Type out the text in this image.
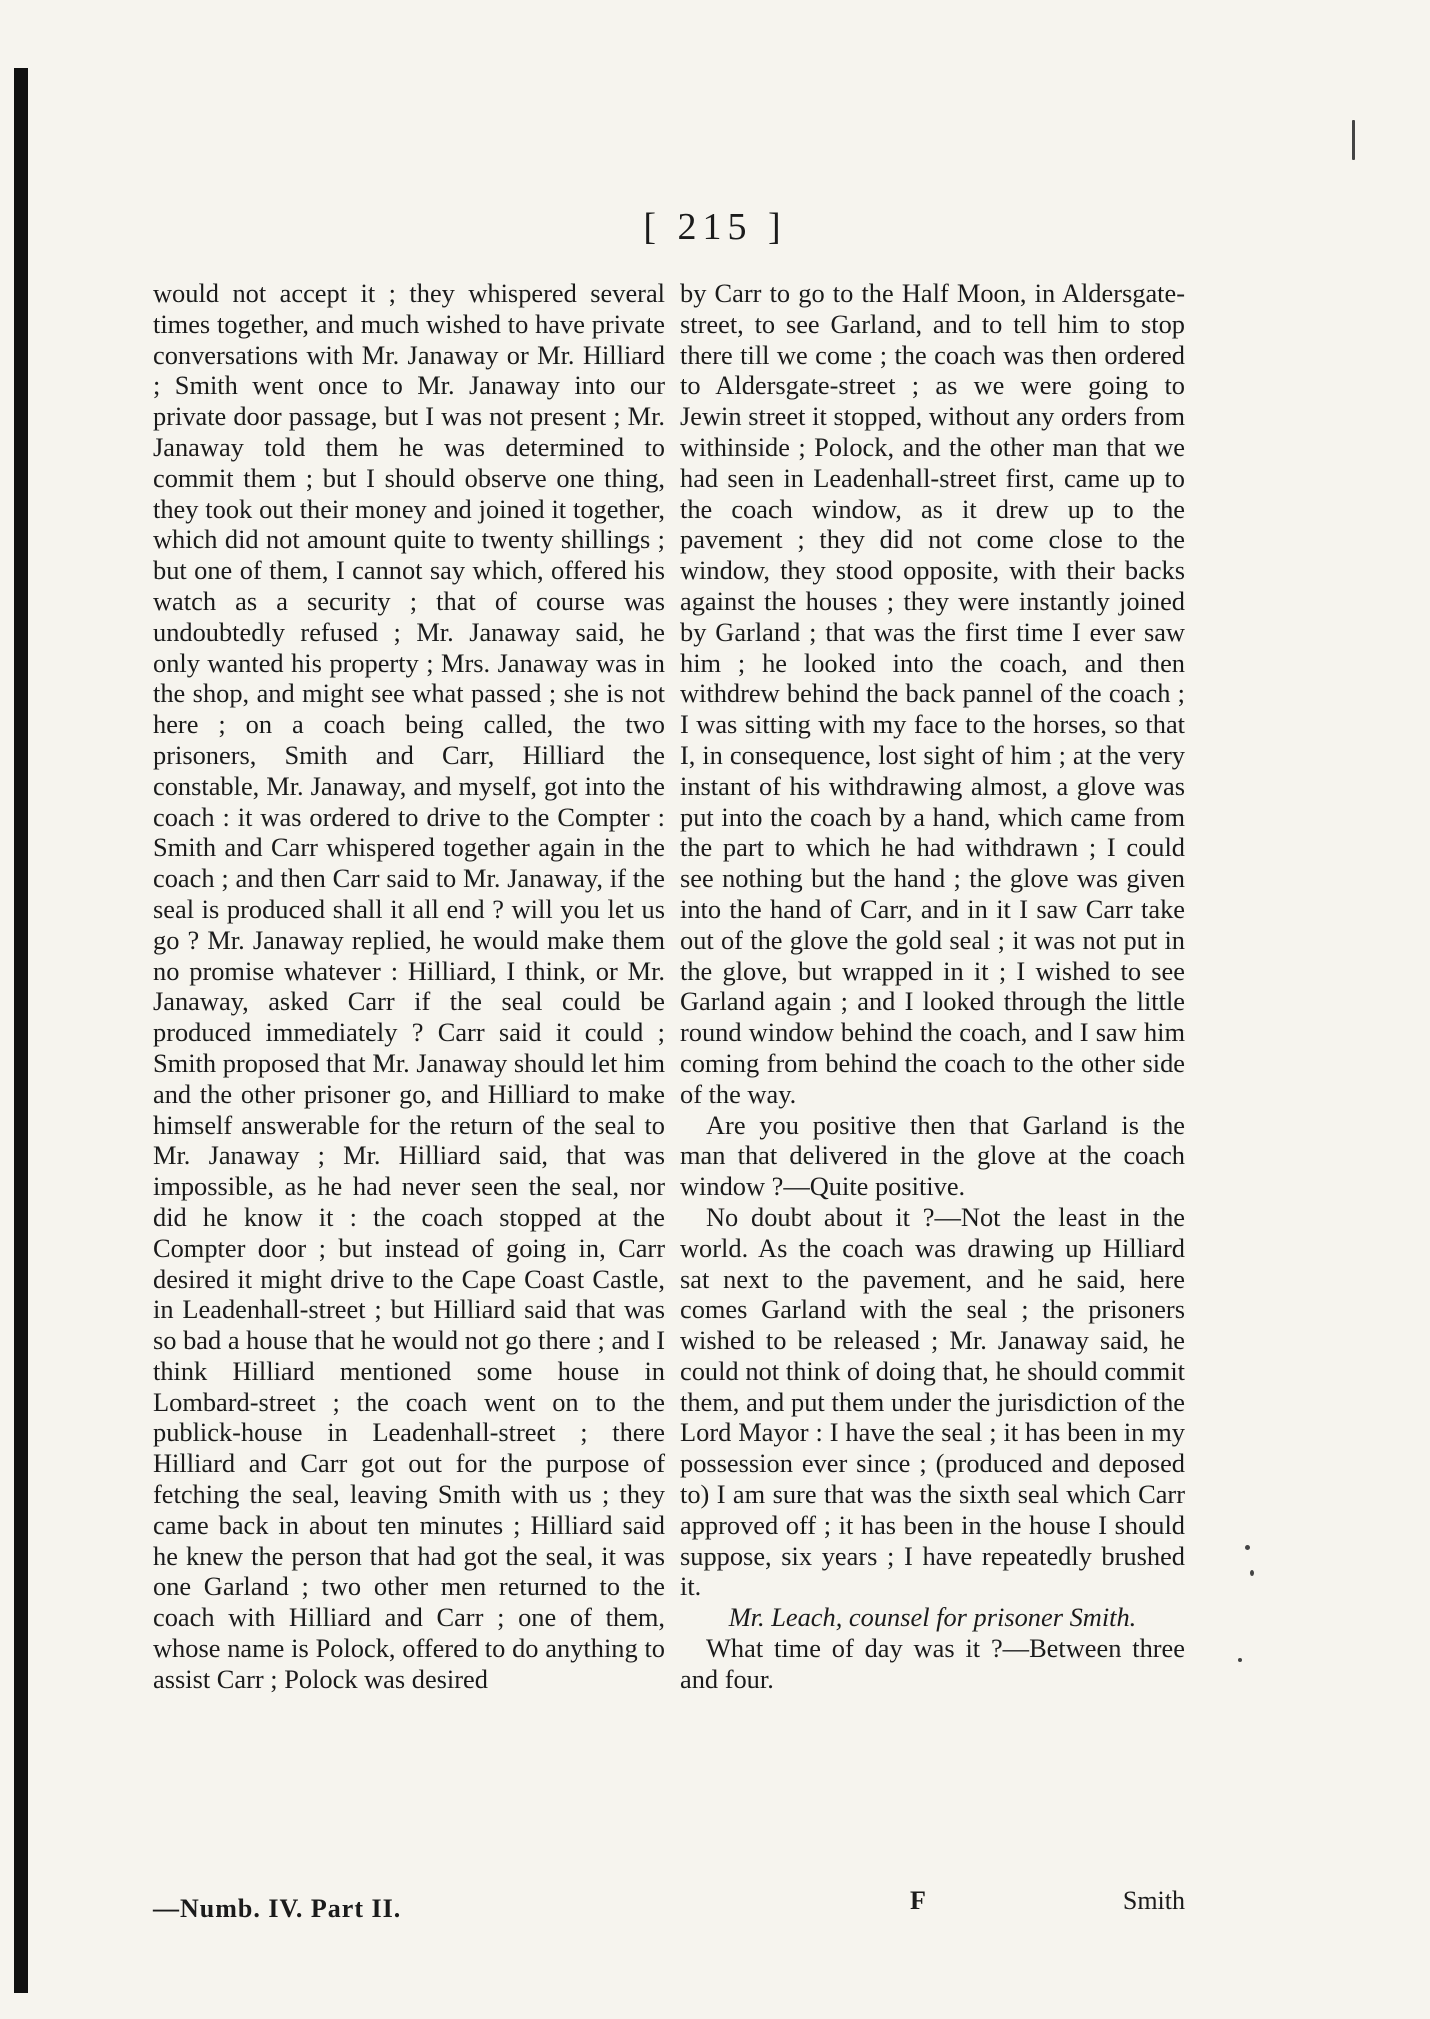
[ 215 ]

would not accept it ; they whispered several times together, and much wished to have private conversations with Mr. Janaway or Mr. Hilliard ; Smith went once to Mr. Janaway into our private door passage, but I was not present ; Mr. Janaway told them he was determined to commit them ; but I should observe one thing, they took out their money and joined it together, which did not amount quite to twenty shillings ; but one of them, I cannot say which, offered his watch as a security ; that of course was undoubtedly refused ; Mr. Janaway said, he only wanted his property ; Mrs. Janaway was in the shop, and might see what passed ; she is not here ; on a coach being called, the two prisoners, Smith and Carr, Hilliard the constable, Mr. Janaway, and myself, got into the coach : it was ordered to drive to the Compter : Smith and Carr whispered together again in the coach ; and then Carr said to Mr. Janaway, if the seal is produced shall it all end ? will you let us go ? Mr. Janaway replied, he would make them no promise whatever : Hilliard, I think, or Mr. Janaway, asked Carr if the seal could be produced immediately ? Carr said it could ; Smith proposed that Mr. Janaway should let him and the other prisoner go, and Hilliard to make himself answerable for the return of the seal to Mr. Janaway ; Mr. Hilliard said, that was impossible, as he had never seen the seal, nor did he know it : the coach stopped at the Compter door ; but instead of going in, Carr desired it might drive to the Cape Coast Castle, in Leadenhall-street ; but Hilliard said that was so bad a house that he would not go there ; and I think Hilliard mentioned some house in Lombard-street ; the coach went on to the publick-house in Leadenhall-street ; there Hilliard and Carr got out for the purpose of fetching the seal, leaving Smith with us ; they came back in about ten minutes ; Hilliard said he knew the person that had got the seal, it was one Garland ; two other men returned to the coach with Hilliard and Carr ; one of them, whose name is Polock, offered to do anything to assist Carr ; Polock was desired

by Carr to go to the Half Moon, in Aldersgate-street, to see Garland, and to tell him to stop there till we come ; the coach was then ordered to Aldersgate-street ; as we were going to Jewin street it stopped, without any orders from withinside ; Polock, and the other man that we had seen in Leadenhall-street first, came up to the coach window, as it drew up to the pavement ; they did not come close to the window, they stood opposite, with their backs against the houses ; they were instantly joined by Garland ; that was the first time I ever saw him ; he looked into the coach, and then withdrew behind the back pannel of the coach ; I was sitting with my face to the horses, so that I, in consequence, lost sight of him ; at the very instant of his withdrawing almost, a glove was put into the coach by a hand, which came from the part to which he had withdrawn ; I could see nothing but the hand ; the glove was given into the hand of Carr, and in it I saw Carr take out of the glove the gold seal ; it was not put in the glove, but wrapped in it ; I wished to see Garland again ; and I looked through the little round window behind the coach, and I saw him coming from behind the coach to the other side of the way.

Are you positive then that Garland is the man that delivered in the glove at the coach window ?—Quite positive.

No doubt about it ?—Not the least in the world. As the coach was drawing up Hilliard sat next to the pavement, and he said, here comes Garland with the seal ; the prisoners wished to be released ; Mr. Janaway said, he could not think of doing that, he should commit them, and put them under the jurisdiction of the Lord Mayor : I have the seal ; it has been in my possession ever since ; (produced and deposed to) I am sure that was the sixth seal which Carr approved off ; it has been in the house I should suppose, six years ; I have repeatedly brushed it.

Mr. Leach, counsel for prisoner Smith.

What time of day was it ?—Between three and four.

—Numb. IV. Part II.	F	Smith
